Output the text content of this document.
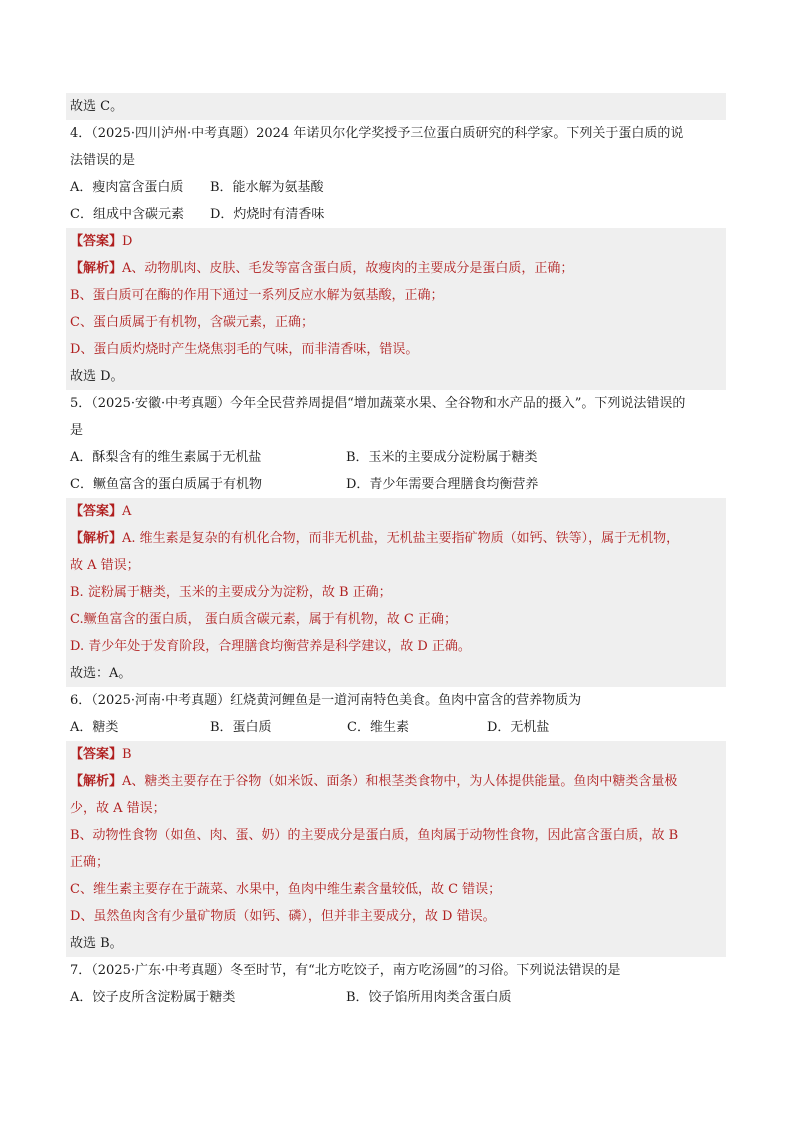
故选 C。
4．（2025·四川泸州·中考真题）2024 年诺贝尔化学奖授予三位蛋白质研究的科学家。下列关于蛋白质的说
法错误的是
A．瘦肉富含蛋白质 B．能水解为氨基酸
C．组成中含碳元素 D．灼烧时有清香味
【答案】D
【解析】A、动物肌肉、皮肤、毛发等富含蛋白质，故瘦肉的主要成分是蛋白质，正确；
B、蛋白质可在酶的作用下通过一系列反应水解为氨基酸，正确；
C、蛋白质属于有机物，含碳元素，正确；
D、蛋白质灼烧时产生烧焦羽毛的气味，而非清香味，错误。
故选 D。
5．（2025·安徽·中考真题）今年全民营养周提倡“增加蔬菜水果、全谷物和水产品的摄入”。下列说法错误的
是
A．酥梨含有的维生素属于无机盐	B．玉米的主要成分淀粉属于糖类
C．鳜鱼富含的蛋白质属于有机物	D．青少年需要合理膳食均衡营养
【答案】A
【解析】A. 维生素是复杂的有机化合物，而非无机盐，无机盐主要指矿物质（如钙、铁等），属于无机物，
故 A 错误；
B. 淀粉属于糖类，玉米的主要成分为淀粉，故 B 正确；
C.鳜鱼富含的蛋白质， 蛋白质含碳元素，属于有机物，故 C 正确；
D. 青少年处于发育阶段，合理膳食均衡营养是科学建议，故 D 正确。
故选：A。
6．（2025·河南·中考真题）红烧黄河鲤鱼是一道河南特色美食。鱼肉中富含的营养物质为
A．糖类	B．蛋白质	C．维生素	D．无机盐
【答案】B
【解析】A、糖类主要存在于谷物（如米饭、面条）和根茎类食物中，为人体提供能量。鱼肉中糖类含量极
少，故 A 错误；
B、动物性食物（如鱼、肉、蛋、奶）的主要成分是蛋白质，鱼肉属于动物性食物，因此富含蛋白质，故 B
正确；
C、维生素主要存在于蔬菜、水果中，鱼肉中维生素含量较低，故 C 错误；
D、虽然鱼肉含有少量矿物质（如钙、磷），但并非主要成分，故 D 错误。
故选 B。
7．（2025·广东·中考真题）冬至时节，有“北方吃饺子，南方吃汤圆”的习俗。下列说法错误的是
A．饺子皮所含淀粉属于糖类	B．饺子馅所用肉类含蛋白质
